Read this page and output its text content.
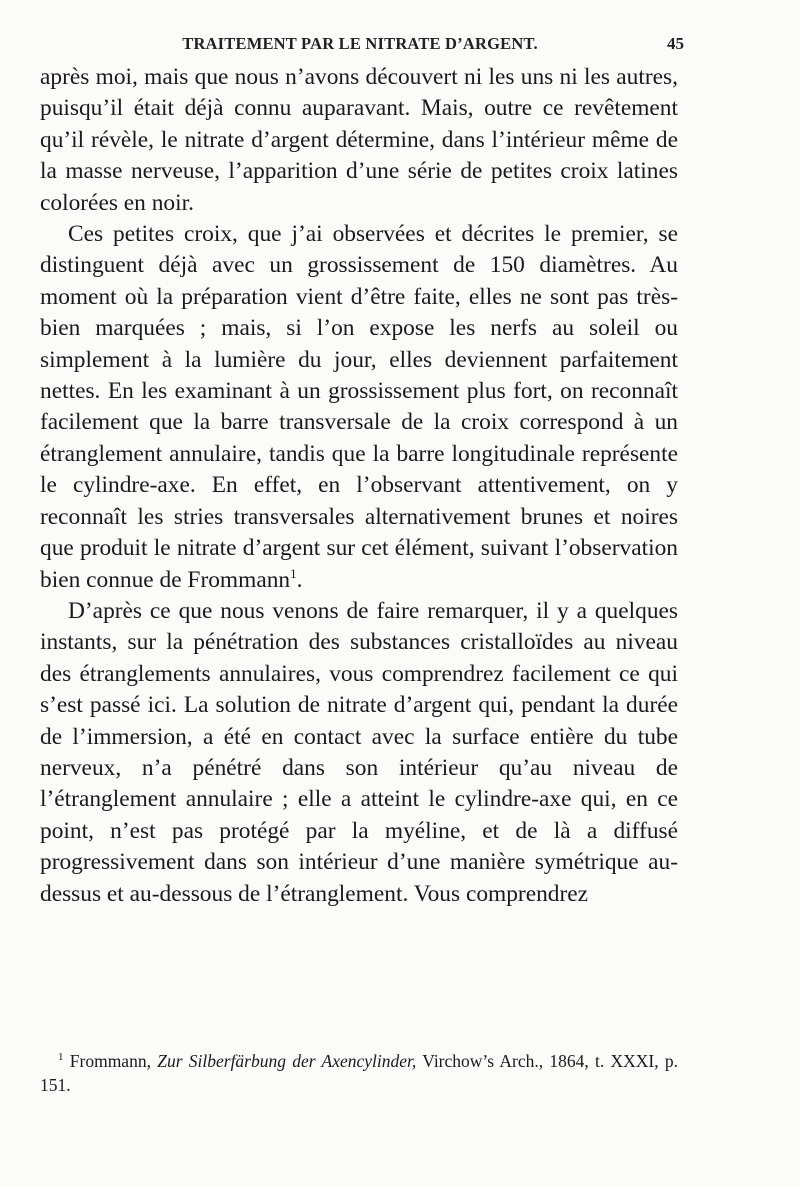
TRAITEMENT PAR LE NITRATE D’ARGENT.	45

après moi, mais que nous n’avons découvert ni les uns ni les autres, puisqu’il était déjà connu auparavant. Mais, outre ce revêtement qu’il révèle, le nitrate d’argent détermine, dans l’intérieur même de la masse nerveuse, l’apparition d’une série de petites croix latines colorées en noir.

Ces petites croix, que j’ai observées et décrites le premier, se distinguent déjà avec un grossissement de 150 diamètres. Au moment où la préparation vient d’être faite, elles ne sont pas très-bien marquées ; mais, si l’on expose les nerfs au soleil ou simplement à la lumière du jour, elles deviennent parfaitement nettes. En les examinant à un grossissement plus fort, on reconnaît facilement que la barre transversale de la croix correspond à un étranglement annulaire, tandis que la barre longitudinale représente le cylindre-axe. En effet, en l’observant attentivement, on y reconnaît les stries transversales alternativement brunes et noires que produit le nitrate d’argent sur cet élément, suivant l’observation bien connue de Frommann$^1$.

D’après ce que nous venons de faire remarquer, il y a quelques instants, sur la pénétration des substances cristalloïdes au niveau des étranglements annulaires, vous comprendrez facilement ce qui s’est passé ici. La solution de nitrate d’argent qui, pendant la durée de l’immersion, a été en contact avec la surface entière du tube nerveux, n’a pénétré dans son intérieur qu’au niveau de l’étranglement annulaire ; elle a atteint le cylindre-axe qui, en ce point, n’est pas protégé par la myéline, et de là a diffusé progressivement dans son intérieur d’une manière symétrique au-dessus et au-dessous de l’étranglement. Vous comprendrez

$^1$ Frommann, Zur Silberfärbung der Axencylinder, Virchow’s Arch., 1864, t. XXXI, p. 151.
